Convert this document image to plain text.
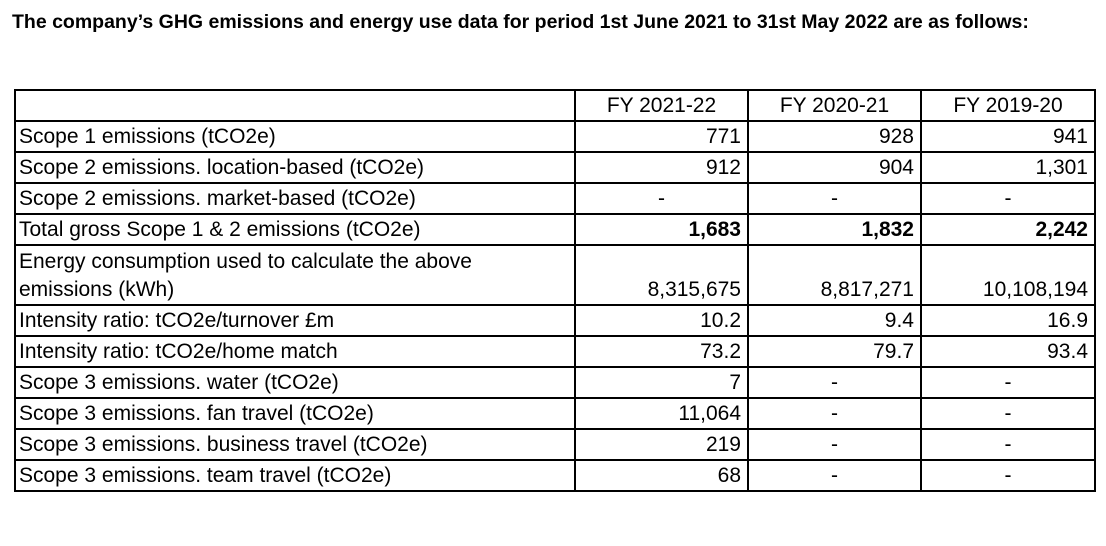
The company’s GHG emissions and energy use data for period 1st June 2021 to 31st May 2022 are as follows:

	FY 2021-22	FY 2020-21	FY 2019-20
Scope 1 emissions (tCO2e)	771	928	941
Scope 2 emissions. location-based (tCO2e)	912	904	1,301
Scope 2 emissions. market-based (tCO2e)	-	-	-
Total gross Scope 1 & 2 emissions (tCO2e)	1,683	1,832	2,242
Energy consumption used to calculate the above emissions (kWh)	8,315,675	8,817,271	10,108,194
Intensity ratio: tCO2e/turnover £m	10.2	9.4	16.9
Intensity ratio: tCO2e/home match	73.2	79.7	93.4
Scope 3 emissions. water (tCO2e)	7	-	-
Scope 3 emissions. fan travel (tCO2e)	11,064	-	-
Scope 3 emissions. business travel (tCO2e)	219	-	-
Scope 3 emissions. team travel (tCO2e)	68	-	-
